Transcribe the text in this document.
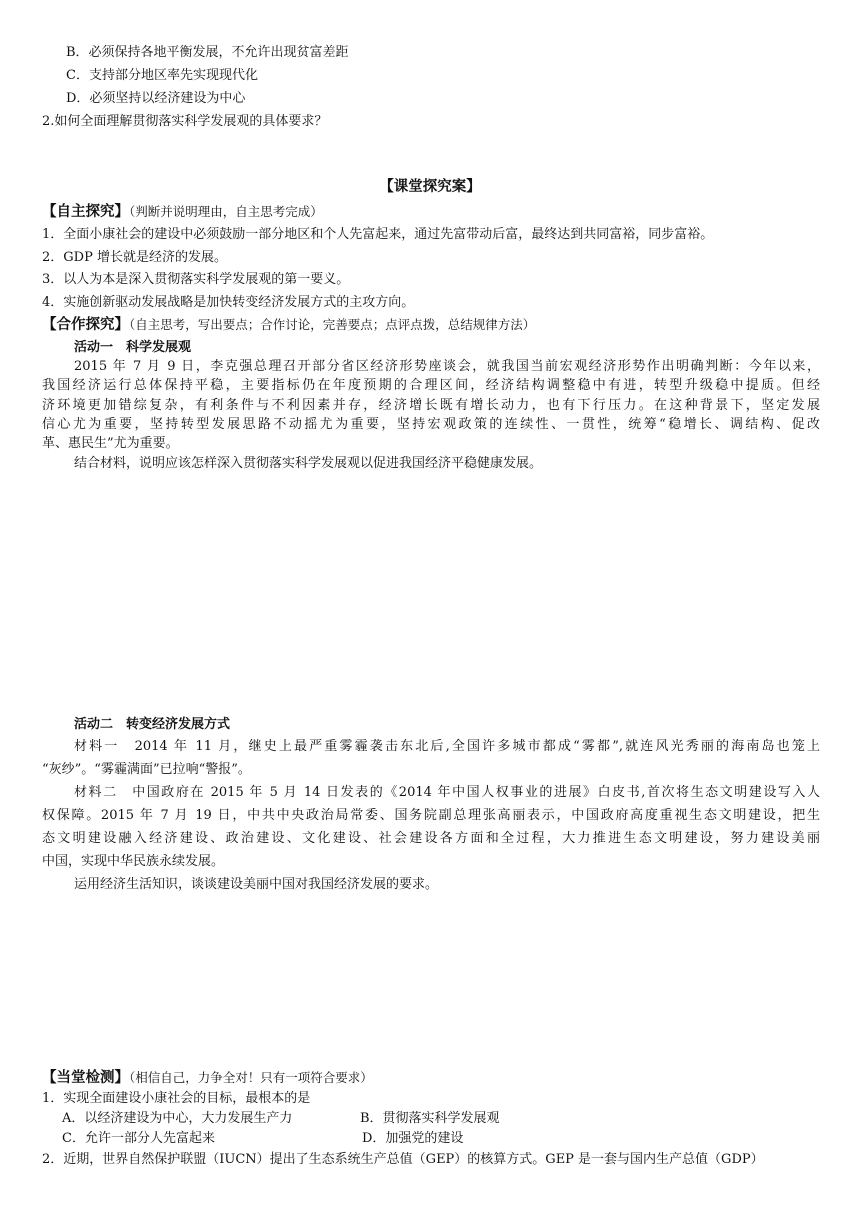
B．必须保持各地平衡发展，不允许出现贫富差距
C．支持部分地区率先实现现代化
D．必须坚持以经济建设为中心
2.如何全面理解贯彻落实科学发展观的具体要求？
【课堂探究案】
【自主探究】（判断并说明理由，自主思考完成）
1．全面小康社会的建设中必须鼓励一部分地区和个人先富起来，通过先富带动后富，最终达到共同富裕，同步富裕。
2．GDP 增长就是经济的发展。
3．以人为本是深入贯彻落实科学发展观的第一要义。
4．实施创新驱动发展战略是加快转变经济发展方式的主攻方向。
【合作探究】（自主思考，写出要点；合作讨论，完善要点；点评点拨，总结规律方法）
活动一　科学发展观
2015 年 7 月 9 日，李克强总理召开部分省区经济形势座谈会，就我国当前宏观经济形势作出明确判断：今年以来，
我国经济运行总体保持平稳，主要指标仍在年度预期的合理区间，经济结构调整稳中有进，转型升级稳中提质。但经
济环境更加错综复杂，有利条件与不利因素并存，经济增长既有增长动力，也有下行压力。在这种背景下，坚定发展
信心尤为重要，坚持转型发展思路不动摇尤为重要，坚持宏观政策的连续性、一贯性，统筹“稳增长、调结构、促改
革、惠民生”尤为重要。
结合材料，说明应该怎样深入贯彻落实科学发展观以促进我国经济平稳健康发展。
活动二　转变经济发展方式
材料一　2014 年 11 月，继史上最严重雾霾袭击东北后,全国许多城市都成“雾都”,就连风光秀丽的海南岛也笼上
“灰纱”。“雾霾满面”已拉响“警报”。
材料二　中国政府在 2015 年 5 月 14 日发表的《2014 年中国人权事业的进展》白皮书,首次将生态文明建设写入人
权保障。2015 年 7 月 19 日，中共中央政治局常委、国务院副总理张高丽表示，中国政府高度重视生态文明建设，把生
态文明建设融入经济建设、政治建设、文化建设、社会建设各方面和全过程，大力推进生态文明建设，努力建设美丽
中国，实现中华民族永续发展。
运用经济生活知识，谈谈建设美丽中国对我国经济发展的要求。
【当堂检测】（相信自己，力争全对！只有一项符合要求）
1．实现全面建设小康社会的目标，最根本的是
A．以经济建设为中心，大力发展生产力	B．贯彻落实科学发展观
C．允许一部分人先富起来	D．加强党的建设
2．近期，世界自然保护联盟（IUCN）提出了生态系统生产总值（GEP）的核算方式。GEP 是一套与国内生产总值（GDP）
